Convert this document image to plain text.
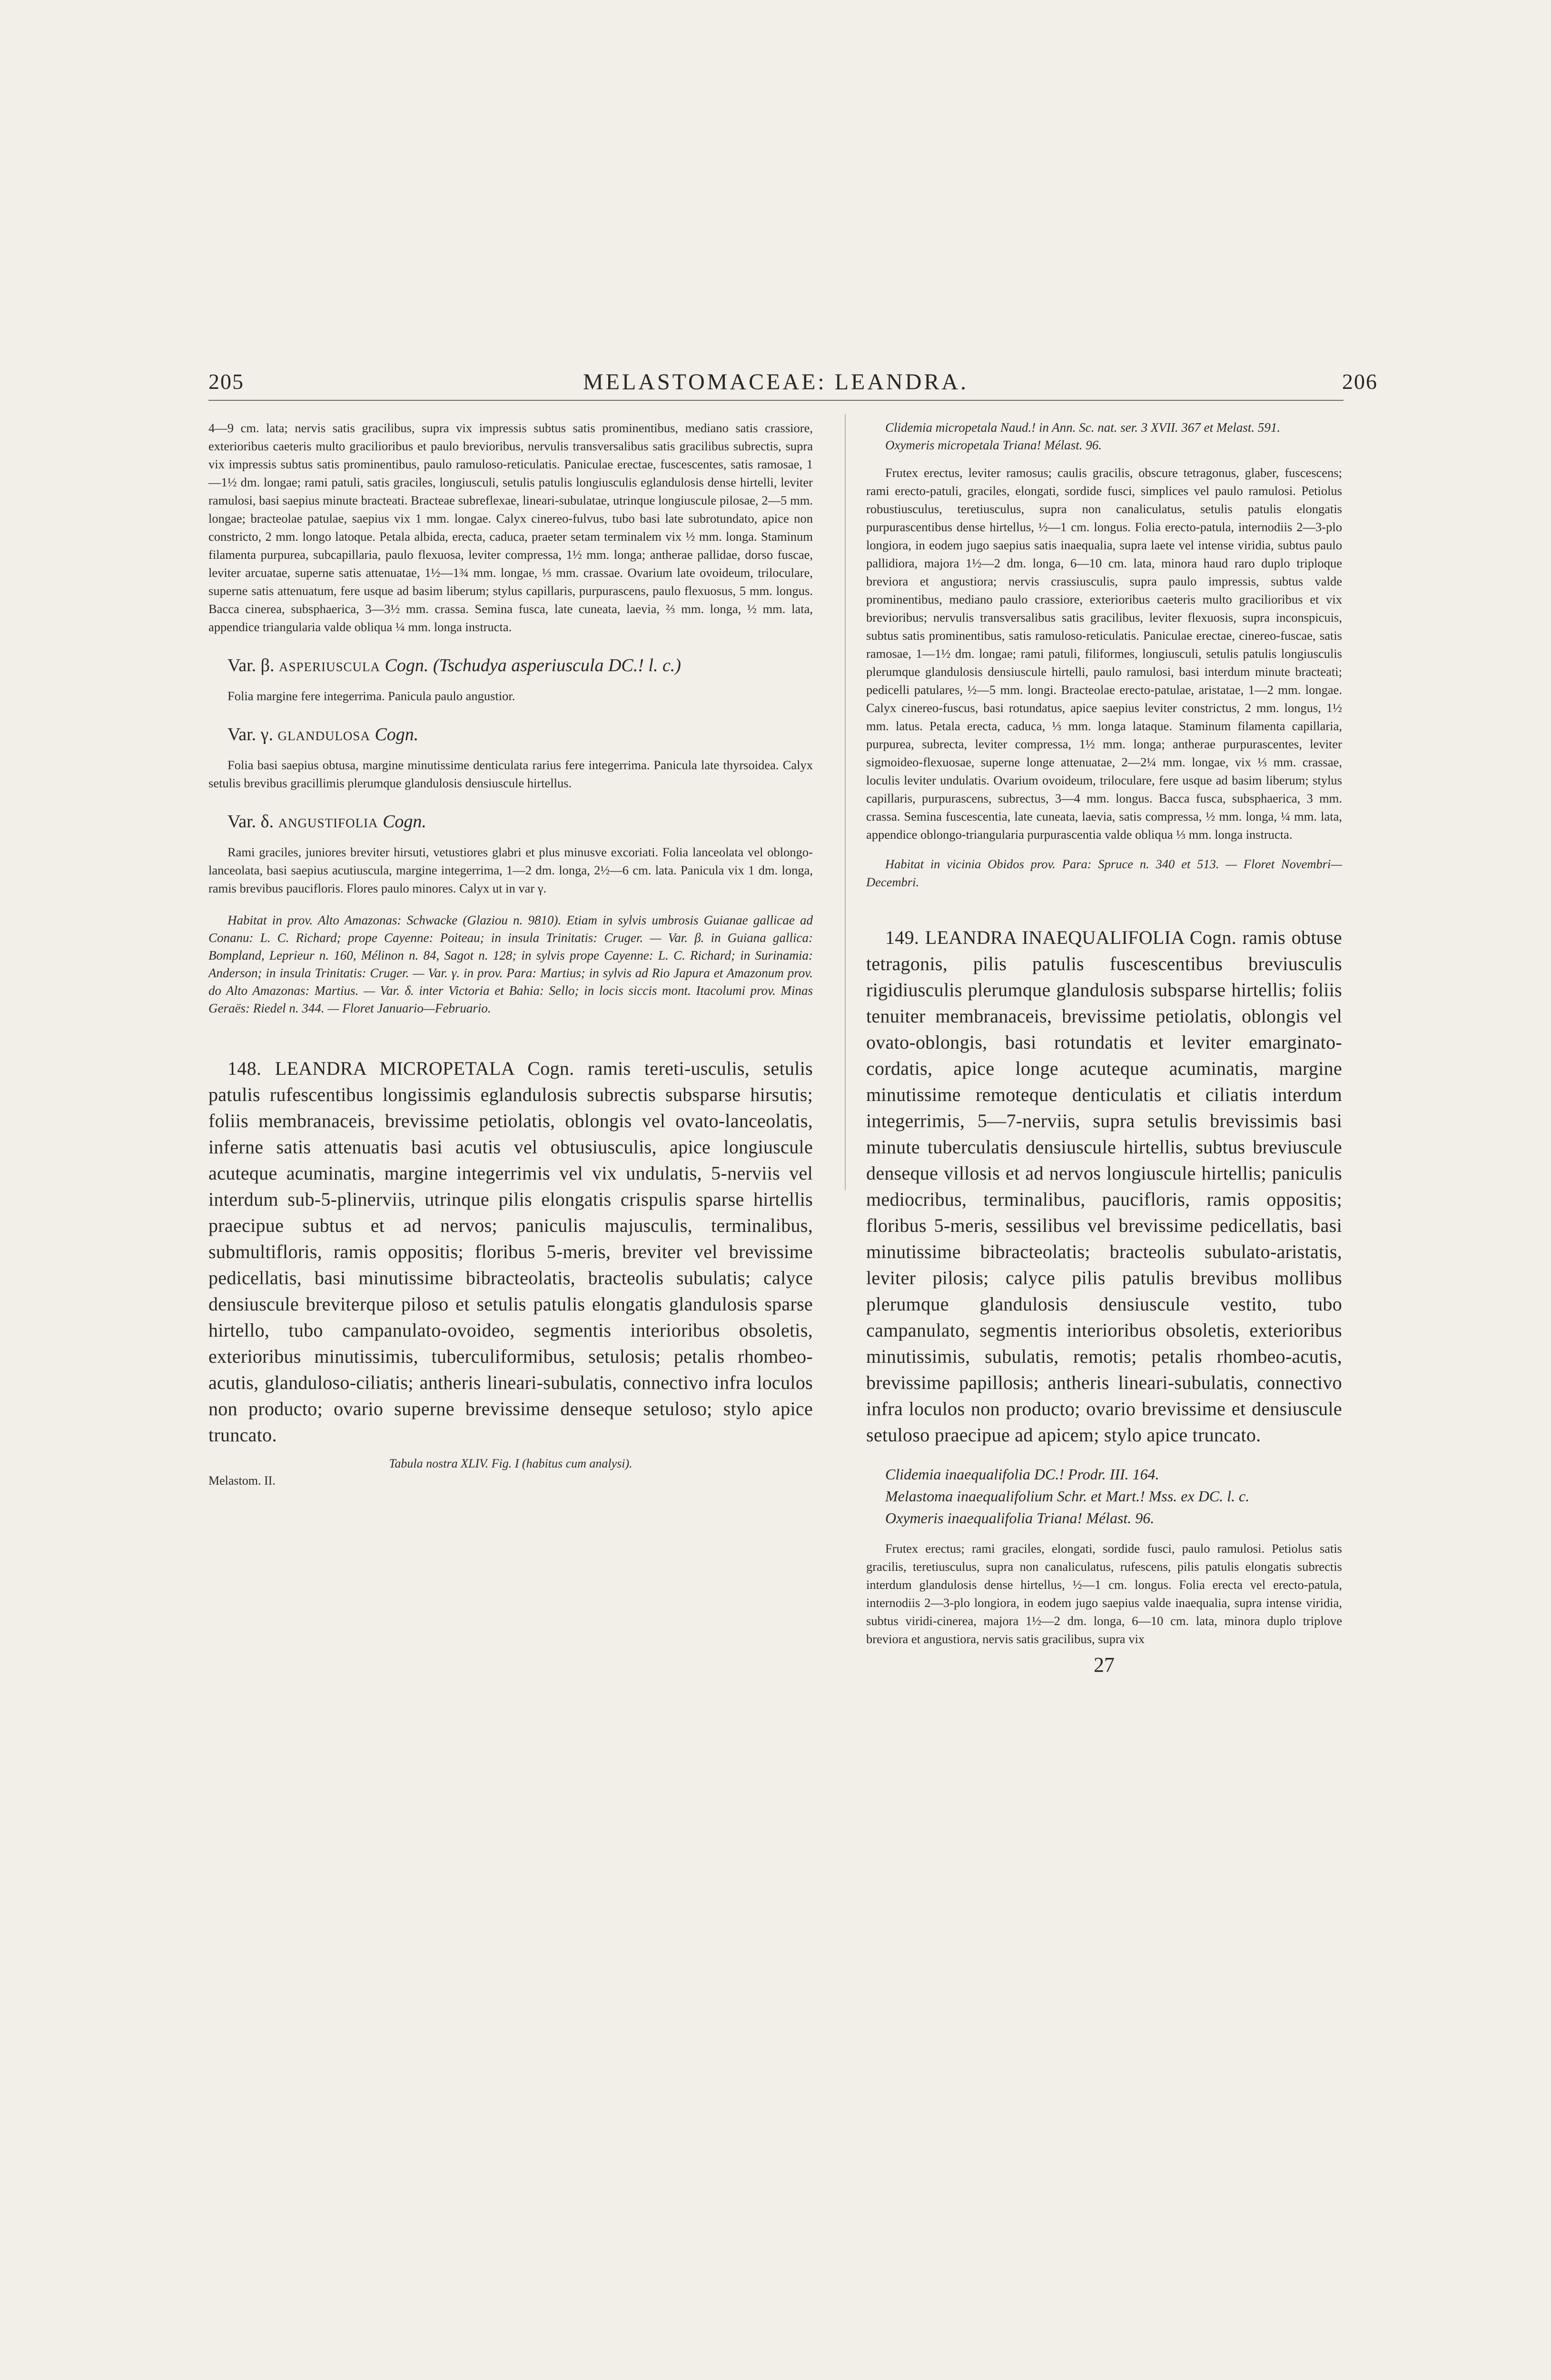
205	MELASTOMACEAE: LEANDRA.	206

4—9 cm. lata; nervis satis gracilibus, supra vix impressis subtus satis prominentibus, mediano satis crassiore, exterioribus caeteris multo gracilioribus et paulo brevioribus, nervulis transversalibus satis gracilibus subrectis, supra vix impressis subtus satis prominentibus, paulo ramuloso-reticulatis. Paniculae erectae, fuscescentes, satis ramosae, 1—1½ dm. longae; rami patuli, satis graciles, longiusculi, setulis patulis longiusculis eglandulosis dense hirtelli, leviter ramulosi, basi saepius minute bracteati. Bracteae subreflexae, lineari-subulatae, utrinque longiuscule pilosae, 2—5 mm. longae; bracteolae patulae, saepius vix 1 mm. longae. Calyx cinereo-fulvus, tubo basi late subrotundato, apice non constricto, 2 mm. longo latoque. Petala albida, erecta, caduca, praeter setam terminalem vix ½ mm. longa. Staminum filamenta purpurea, subcapillaria, paulo flexuosa, leviter compressa, 1½ mm. longa; antherae pallidae, dorso fuscae, leviter arcuatae, superne satis attenuatae, 1½—1¾ mm. longae, ⅓ mm. crassae. Ovarium late ovoideum, triloculare, superne satis attenuatum, fere usque ad basim liberum; stylus capillaris, purpurascens, paulo flexuosus, 5 mm. longus. Bacca cinerea, subsphaerica, 3—3½ mm. crassa. Semina fusca, late cuneata, laevia, ⅔ mm. longa, ½ mm. lata, appendice triangularia valde obliqua ¼ mm. longa instructa.

Var. β. ASPERIUSCULA Cogn. (Tschudya asperiuscula DC.! l. c.)

Folia margine fere integerrima. Panicula paulo angustior.

Var. γ. GLANDULOSA Cogn.

Folia basi saepius obtusa, margine minutissime denticulata rarius fere integerrima. Panicula late thyrsoidea. Calyx setulis brevibus gracillimis plerumque glandulosis densiuscule hirtellus.

Var. δ. ANGUSTIFOLIA Cogn.

Rami graciles, juniores breviter hirsuti, vetustiores glabri et plus minusve excoriati. Folia lanceolata vel oblongo-lanceolata, basi saepius acutiuscula, margine integerrima, 1—2 dm. longa, 2½—6 cm. lata. Panicula vix 1 dm. longa, ramis brevibus paucifloris. Flores paulo minores. Calyx ut in var γ.

Habitat in prov. Alto Amazonas: Schwacke (Glaziou n. 9810). Etiam in sylvis umbrosis Guianae gallicae ad Conanu: L. C. Richard; prope Cayenne: Poiteau; in insula Trinitatis: Cruger. — Var. β. in Guiana gallica: Bompland, Leprieur n. 160, Mélinon n. 84, Sagot n. 128; in sylvis prope Cayenne: L. C. Richard; in Surinamia: Anderson; in insula Trinitatis: Cruger. — Var. γ. in prov. Para: Martius; in sylvis ad Rio Japura et Amazonum prov. do Alto Amazonas: Martius. — Var. δ. inter Victoria et Bahia: Sello; in locis siccis mont. Itacolumi prov. Minas Geraës: Riedel n. 344. — Floret Januario—Februario.

148. LEANDRA MICROPETALA Cogn. ramis tereti-usculis, setulis patulis rufescentibus longissimis eglandulosis subrectis subsparse hirsutis; foliis membranaceis, brevissime petiolatis, oblongis vel ovato-lanceolatis, inferne satis attenuatis basi acutis vel obtusiusculis, apice longiuscule acuteque acuminatis, margine integerrimis vel vix undulatis, 5-nerviis vel interdum sub-5-plinerviis, utrinque pilis elongatis crispulis sparse hirtellis praecipue subtus et ad nervos; paniculis majusculis, terminalibus, submultifloris, ramis oppositis; floribus 5-meris, breviter vel brevissime pedicellatis, basi minutissime bibracteolatis, bracteolis subulatis; calyce densiuscule breviterque piloso et setulis patulis elongatis glandulosis sparse hirtello, tubo campanulato-ovoideo, segmentis interioribus obsoletis, exterioribus minutissimis, tuberculiformibus, setulosis; petalis rhombeo-acutis, glanduloso-ciliatis; antheris lineari-subulatis, connectivo infra loculos non producto; ovario superne brevissime denseque setuloso; stylo apice truncato.

Tabula nostra XLIV. Fig. I (habitus cum analysi).
Melastom. II.

Clidemia micropetala Naud.! in Ann. Sc. nat. ser. 3 XVII. 367 et Melast. 591.

Oxymeris micropetala Triana! Mélast. 96.

Frutex erectus, leviter ramosus; caulis gracilis, obscure tetragonus, glaber, fuscescens; rami erecto-patuli, graciles, elongati, sordide fusci, simplices vel paulo ramulosi. Petiolus robustiusculus, teretiusculus, supra non canaliculatus, setulis patulis elongatis purpurascentibus dense hirtellus, ½—1 cm. longus. Folia erecto-patula, internodiis 2—3-plo longiora, in eodem jugo saepius satis inaequalia, supra laete vel intense viridia, subtus paulo pallidiora, majora 1½—2 dm. longa, 6—10 cm. lata, minora haud raro duplo triploque breviora et angustiora; nervis crassiusculis, supra paulo impressis, subtus valde prominentibus, mediano paulo crassiore, exterioribus caeteris multo gracilioribus et vix brevioribus; nervulis transversalibus satis gracilibus, leviter flexuosis, supra inconspicuis, subtus satis prominentibus, satis ramuloso-reticulatis. Paniculae erectae, cinereo-fuscae, satis ramosae, 1—1½ dm. longae; rami patuli, filiformes, longiusculi, setulis patulis longiusculis plerumque glandulosis densiuscule hirtelli, paulo ramulosi, basi interdum minute bracteati; pedicelli patulares, ½—5 mm. longi. Bracteolae erecto-patulae, aristatae, 1—2 mm. longae. Calyx cinereo-fuscus, basi rotundatus, apice saepius leviter constrictus, 2 mm. longus, 1½ mm. latus. Petala erecta, caduca, ⅓ mm. longa lataque. Staminum filamenta capillaria, purpurea, subrecta, leviter compressa, 1½ mm. longa; antherae purpurascentes, leviter sigmoideo-flexuosae, superne longe attenuatae, 2—2¼ mm. longae, vix ⅓ mm. crassae, loculis leviter undulatis. Ovarium ovoideum, triloculare, fere usque ad basim liberum; stylus capillaris, purpurascens, subrectus, 3—4 mm. longus. Bacca fusca, subsphaerica, 3 mm. crassa. Semina fuscescentia, late cuneata, laevia, satis compressa, ½ mm. longa, ¼ mm. lata, appendice oblongo-triangularia purpurascentia valde obliqua ⅓ mm. longa instructa.

Habitat in vicinia Obidos prov. Para: Spruce n. 340 et 513. — Floret Novembri—Decembri.

149. LEANDRA INAEQUALIFOLIA Cogn. ramis obtuse tetragonis, pilis patulis fuscescentibus breviusculis rigidiusculis plerumque glandulosis subsparse hirtellis; foliis tenuiter membranaceis, brevissime petiolatis, oblongis vel ovato-oblongis, basi rotundatis et leviter emarginato-cordatis, apice longe acuteque acuminatis, margine minutissime remoteque denticulatis et ciliatis interdum integerrimis, 5—7-nerviis, supra setulis brevissimis basi minute tuberculatis densiuscule hirtellis, subtus breviuscule denseque villosis et ad nervos longiuscule hirtellis; paniculis mediocribus, terminalibus, paucifloris, ramis oppositis; floribus 5-meris, sessilibus vel brevissime pedicellatis, basi minutissime bibracteolatis; bracteolis subulato-aristatis, leviter pilosis; calyce pilis patulis brevibus mollibus plerumque glandulosis densiuscule vestito, tubo campanulato, segmentis interioribus obsoletis, exterioribus minutissimis, subulatis, remotis; petalis rhombeo-acutis, brevissime papillosis; antheris lineari-subulatis, connectivo infra loculos non producto; ovario brevissime et densiuscule setuloso praecipue ad apicem; stylo apice truncato.

Clidemia inaequalifolia DC.! Prodr. III. 164.

Melastoma inaequalifolium Schr. et Mart.! Mss. ex DC. l. c.

Oxymeris inaequalifolia Triana! Mélast. 96.

Frutex erectus; rami graciles, elongati, sordide fusci, paulo ramulosi. Petiolus satis gracilis, teretiusculus, supra non canaliculatus, rufescens, pilis patulis elongatis subrectis interdum glandulosis dense hirtellus, ½—1 cm. longus. Folia erecta vel erecto-patula, internodiis 2—3-plo longiora, in eodem jugo saepius valde inaequalia, supra intense viridia, subtus viridi-cinerea, majora 1½—2 dm. longa, 6—10 cm. lata, minora duplo triplove breviora et angustiora, nervis satis gracilibus, supra vix

27
